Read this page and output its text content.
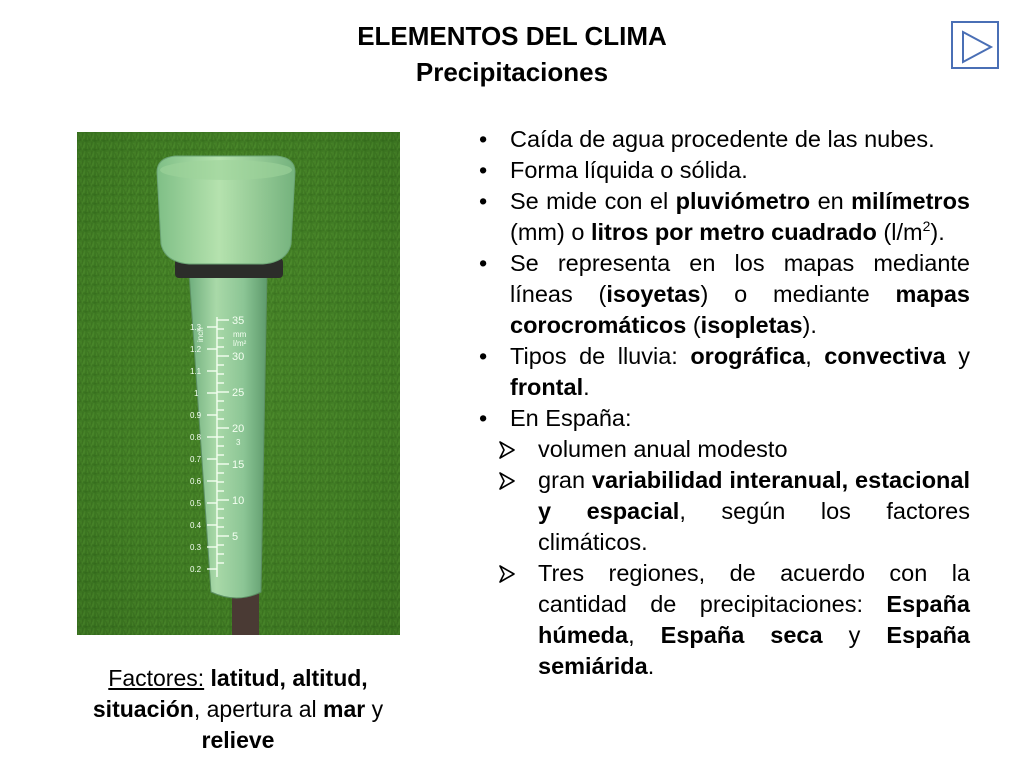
ELEMENTOS DEL CLIMA
Precipitaciones
35
30
25
20
15
10
5
mm
l/m²
inch
3
1.3
1.2
1.1
1
0.9
0.8
0.7
0.6
0.5
0.4
0.3
0.2
Factores: latitud, altitud, situación, apertura al mar y relieve
• Caída de agua procedente de las nubes.
• Forma líquida o sólida.
• Se mide con el pluviómetro en milímetros (mm) o litros por metro cuadrado $(l/m^2)$.
• Se representa en los mapas mediante líneas (isoyetas) o mediante mapas corocromáticos (isopletas).
• Tipos de lluvia: orográfica, convectiva y frontal.
• En España:
volumen anual modesto
gran variabilidad interanual, estacional y espacial, según los factores climáticos.
Tres regiones, de acuerdo con la cantidad de precipitaciones: España húmeda, España seca y España semiárida.
